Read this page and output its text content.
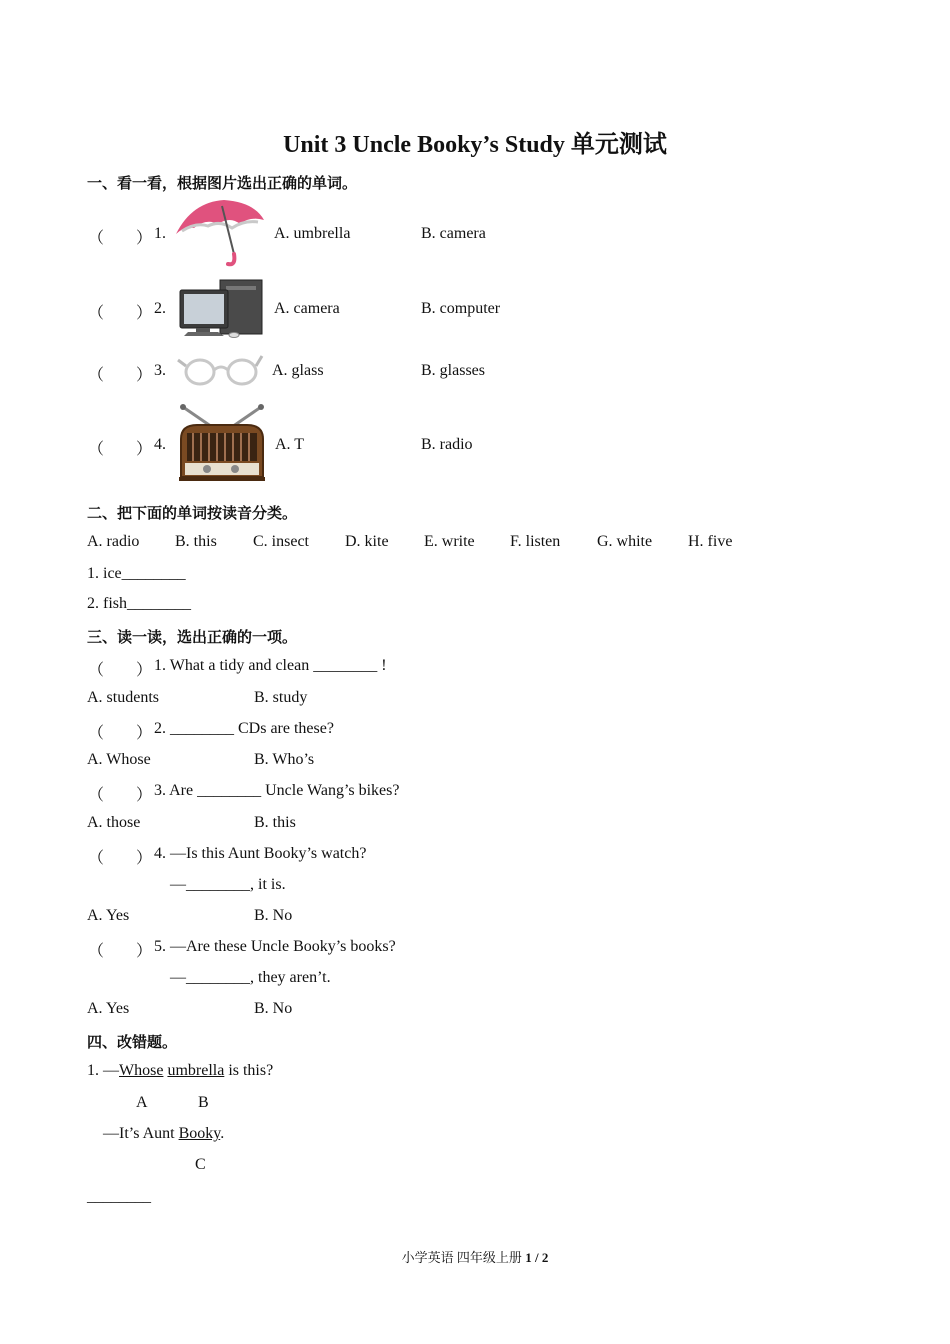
Unit 3 Uncle Booky’s Study 单元测试
一、看一看，根据图片选出正确的单词。
（　　） 1.	A. umbrella	B. camera
（　　） 2.	A. camera	B. computer
（　　） 3.	A. glass	B. glasses
（　　） 4.	A. T	B. radio
二、把下面的单词按读音分类。
A. radio B. this C. insect D. kite E. write F. listen G. white H. five
1. ice________
2. fish________
三、读一读，选出正确的一项。
（　　） 1. What a tidy and clean ________ !
A. students	B. study
（　　） 2. ________ CDs are these?
A. Whose	B. Who’s
（　　） 3. Are ________ Uncle Wang’s bikes?
A. those	B. this
（　　） 4. —Is this Aunt Booky’s watch?
—________, it is.
A. Yes	B. No
（　　） 5. —Are these Uncle Booky’s books?
—________, they aren’t.
A. Yes	B. No
四、改错题。
1. —Whose umbrella is this?
A	B
—It’s Aunt Booky.
C
________
小学英语 四年级上册 1 / 2
